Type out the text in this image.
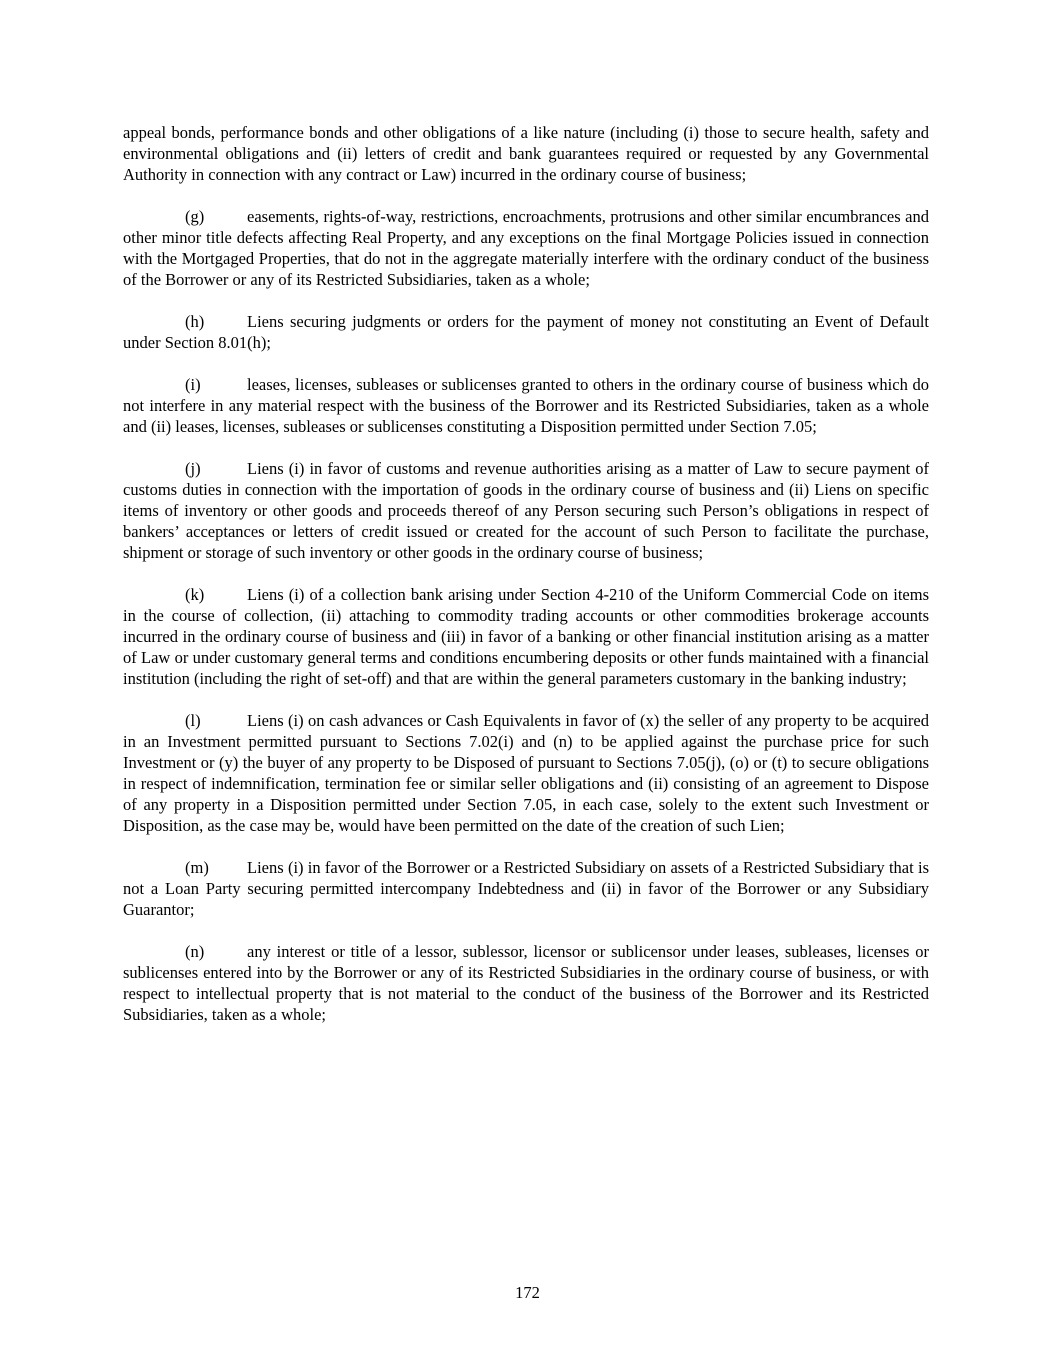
appeal bonds, performance bonds and other obligations of a like nature (including (i) those to secure health, safety and environmental obligations and (ii) letters of credit and bank guarantees required or requested by any Governmental Authority in connection with any contract or Law) incurred in the ordinary course of business;

(g)	easements, rights-of-way, restrictions, encroachments, protrusions and other similar encumbrances and other minor title defects affecting Real Property, and any exceptions on the final Mortgage Policies issued in connection with the Mortgaged Properties, that do not in the aggregate materially interfere with the ordinary conduct of the business of the Borrower or any of its Restricted Subsidiaries, taken as a whole;

(h)	Liens securing judgments or orders for the payment of money not constituting an Event of Default under Section 8.01(h);

(i)	leases, licenses, subleases or sublicenses granted to others in the ordinary course of business which do not interfere in any material respect with the business of the Borrower and its Restricted Subsidiaries, taken as a whole and (ii) leases, licenses, subleases or sublicenses constituting a Disposition permitted under Section 7.05;

(j)	Liens (i) in favor of customs and revenue authorities arising as a matter of Law to secure payment of customs duties in connection with the importation of goods in the ordinary course of business and (ii) Liens on specific items of inventory or other goods and proceeds thereof of any Person securing such Person’s obligations in respect of bankers’ acceptances or letters of credit issued or created for the account of such Person to facilitate the purchase, shipment or storage of such inventory or other goods in the ordinary course of business;

(k)	Liens (i) of a collection bank arising under Section 4-210 of the Uniform Commercial Code on items in the course of collection, (ii) attaching to commodity trading accounts or other commodities brokerage accounts incurred in the ordinary course of business and (iii) in favor of a banking or other financial institution arising as a matter of Law or under customary general terms and conditions encumbering deposits or other funds maintained with a financial institution (including the right of set-off) and that are within the general parameters customary in the banking industry;

(l)	Liens (i) on cash advances or Cash Equivalents in favor of (x) the seller of any property to be acquired in an Investment permitted pursuant to Sections 7.02(i) and (n) to be applied against the purchase price for such Investment or (y) the buyer of any property to be Disposed of pursuant to Sections 7.05(j), (o) or (t) to secure obligations in respect of indemnification, termination fee or similar seller obligations and (ii) consisting of an agreement to Dispose of any property in a Disposition permitted under Section 7.05, in each case, solely to the extent such Investment or Disposition, as the case may be, would have been permitted on the date of the creation of such Lien;

(m) Liens (i) in favor of the Borrower or a Restricted Subsidiary on assets of a Restricted Subsidiary that is not a Loan Party securing permitted intercompany Indebtedness and (ii) in favor of the Borrower or any Subsidiary Guarantor;

(n)	any interest or title of a lessor, sublessor, licensor or sublicensor under leases, subleases, licenses or sublicenses entered into by the Borrower or any of its Restricted Subsidiaries in the ordinary course of business, or with respect to intellectual property that is not material to the conduct of the business of the Borrower and its Restricted Subsidiaries, taken as a whole;

172
